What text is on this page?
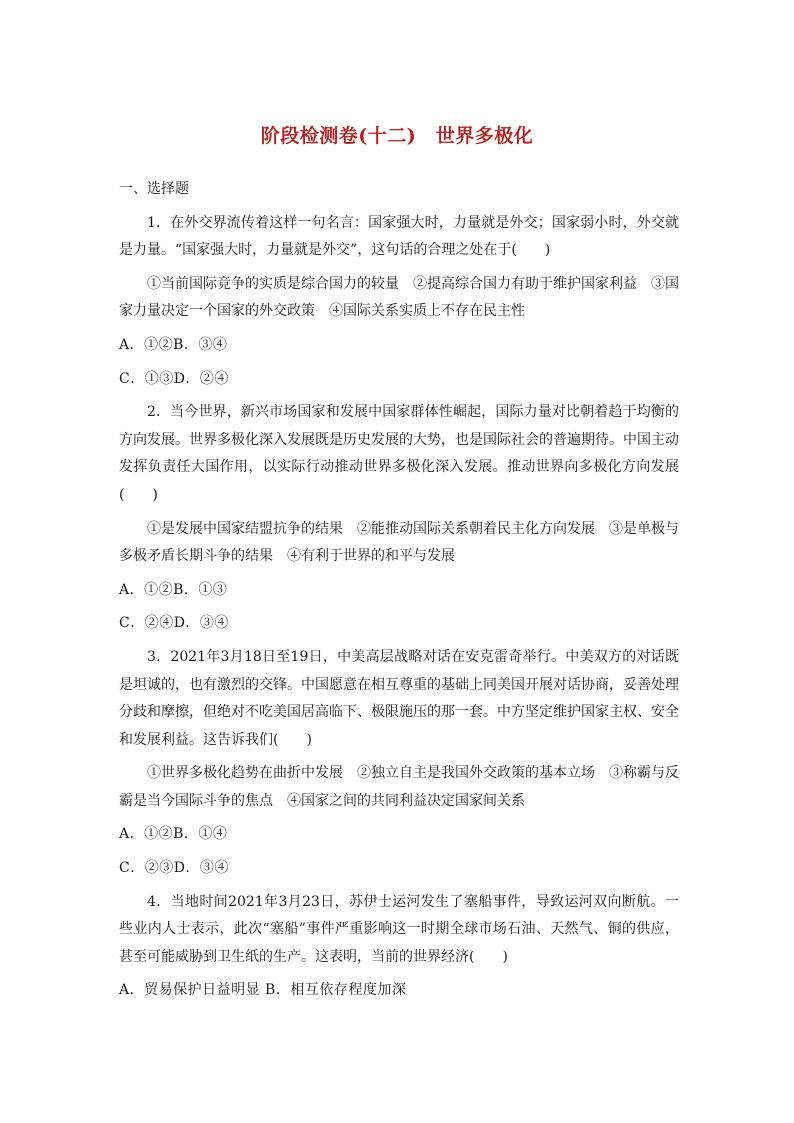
阶段检测卷(十二)　世界多极化

一、选择题

1．在外交界流传着这样一句名言：国家强大时，力量就是外交；国家弱小时，外交就是力量。“国家强大时，力量就是外交”，这句话的合理之处在于(　　)

①当前国际竞争的实质是综合国力的较量　②提高综合国力有助于维护国家利益　③国家力量决定一个国家的外交政策　④国际关系实质上不存在民主性

A．①②B．③④

C．①③D．②④

2．当今世界，新兴市场国家和发展中国家群体性崛起，国际力量对比朝着趋于均衡的方向发展。世界多极化深入发展既是历史发展的大势，也是国际社会的普遍期待。中国主动发挥负责任大国作用，以实际行动推动世界多极化深入发展。推动世界向多极化方向发展(　　)

①是发展中国家结盟抗争的结果　②能推动国际关系朝着民主化方向发展　③是单极与多极矛盾长期斗争的结果　④有利于世界的和平与发展

A．①②B．①③

C．②④D．③④

3．2021年3月18日至19日，中美高层战略对话在安克雷奇举行。中美双方的对话既是坦诚的，也有激烈的交锋。中国愿意在相互尊重的基础上同美国开展对话协商，妥善处理分歧和摩擦，但绝对不吃美国居高临下、极限施压的那一套。中方坚定维护国家主权、安全和发展利益。这告诉我们(　　)

①世界多极化趋势在曲折中发展　②独立自主是我国外交政策的基本立场　③称霸与反霸是当今国际斗争的焦点　④国家之间的共同利益决定国家间关系

A．①②B．①④

C．②③D．③④

4．当地时间2021年3月23日，苏伊士运河发生了塞船事件，导致运河双向断航。一些业内人士表示，此次“塞船”事件严重影响这一时期全球市场石油、天然气、铜的供应，甚至可能威胁到卫生纸的生产。这表明，当前的世界经济(　　)

A．贸易保护日益明显 B．相互依存程度加深
